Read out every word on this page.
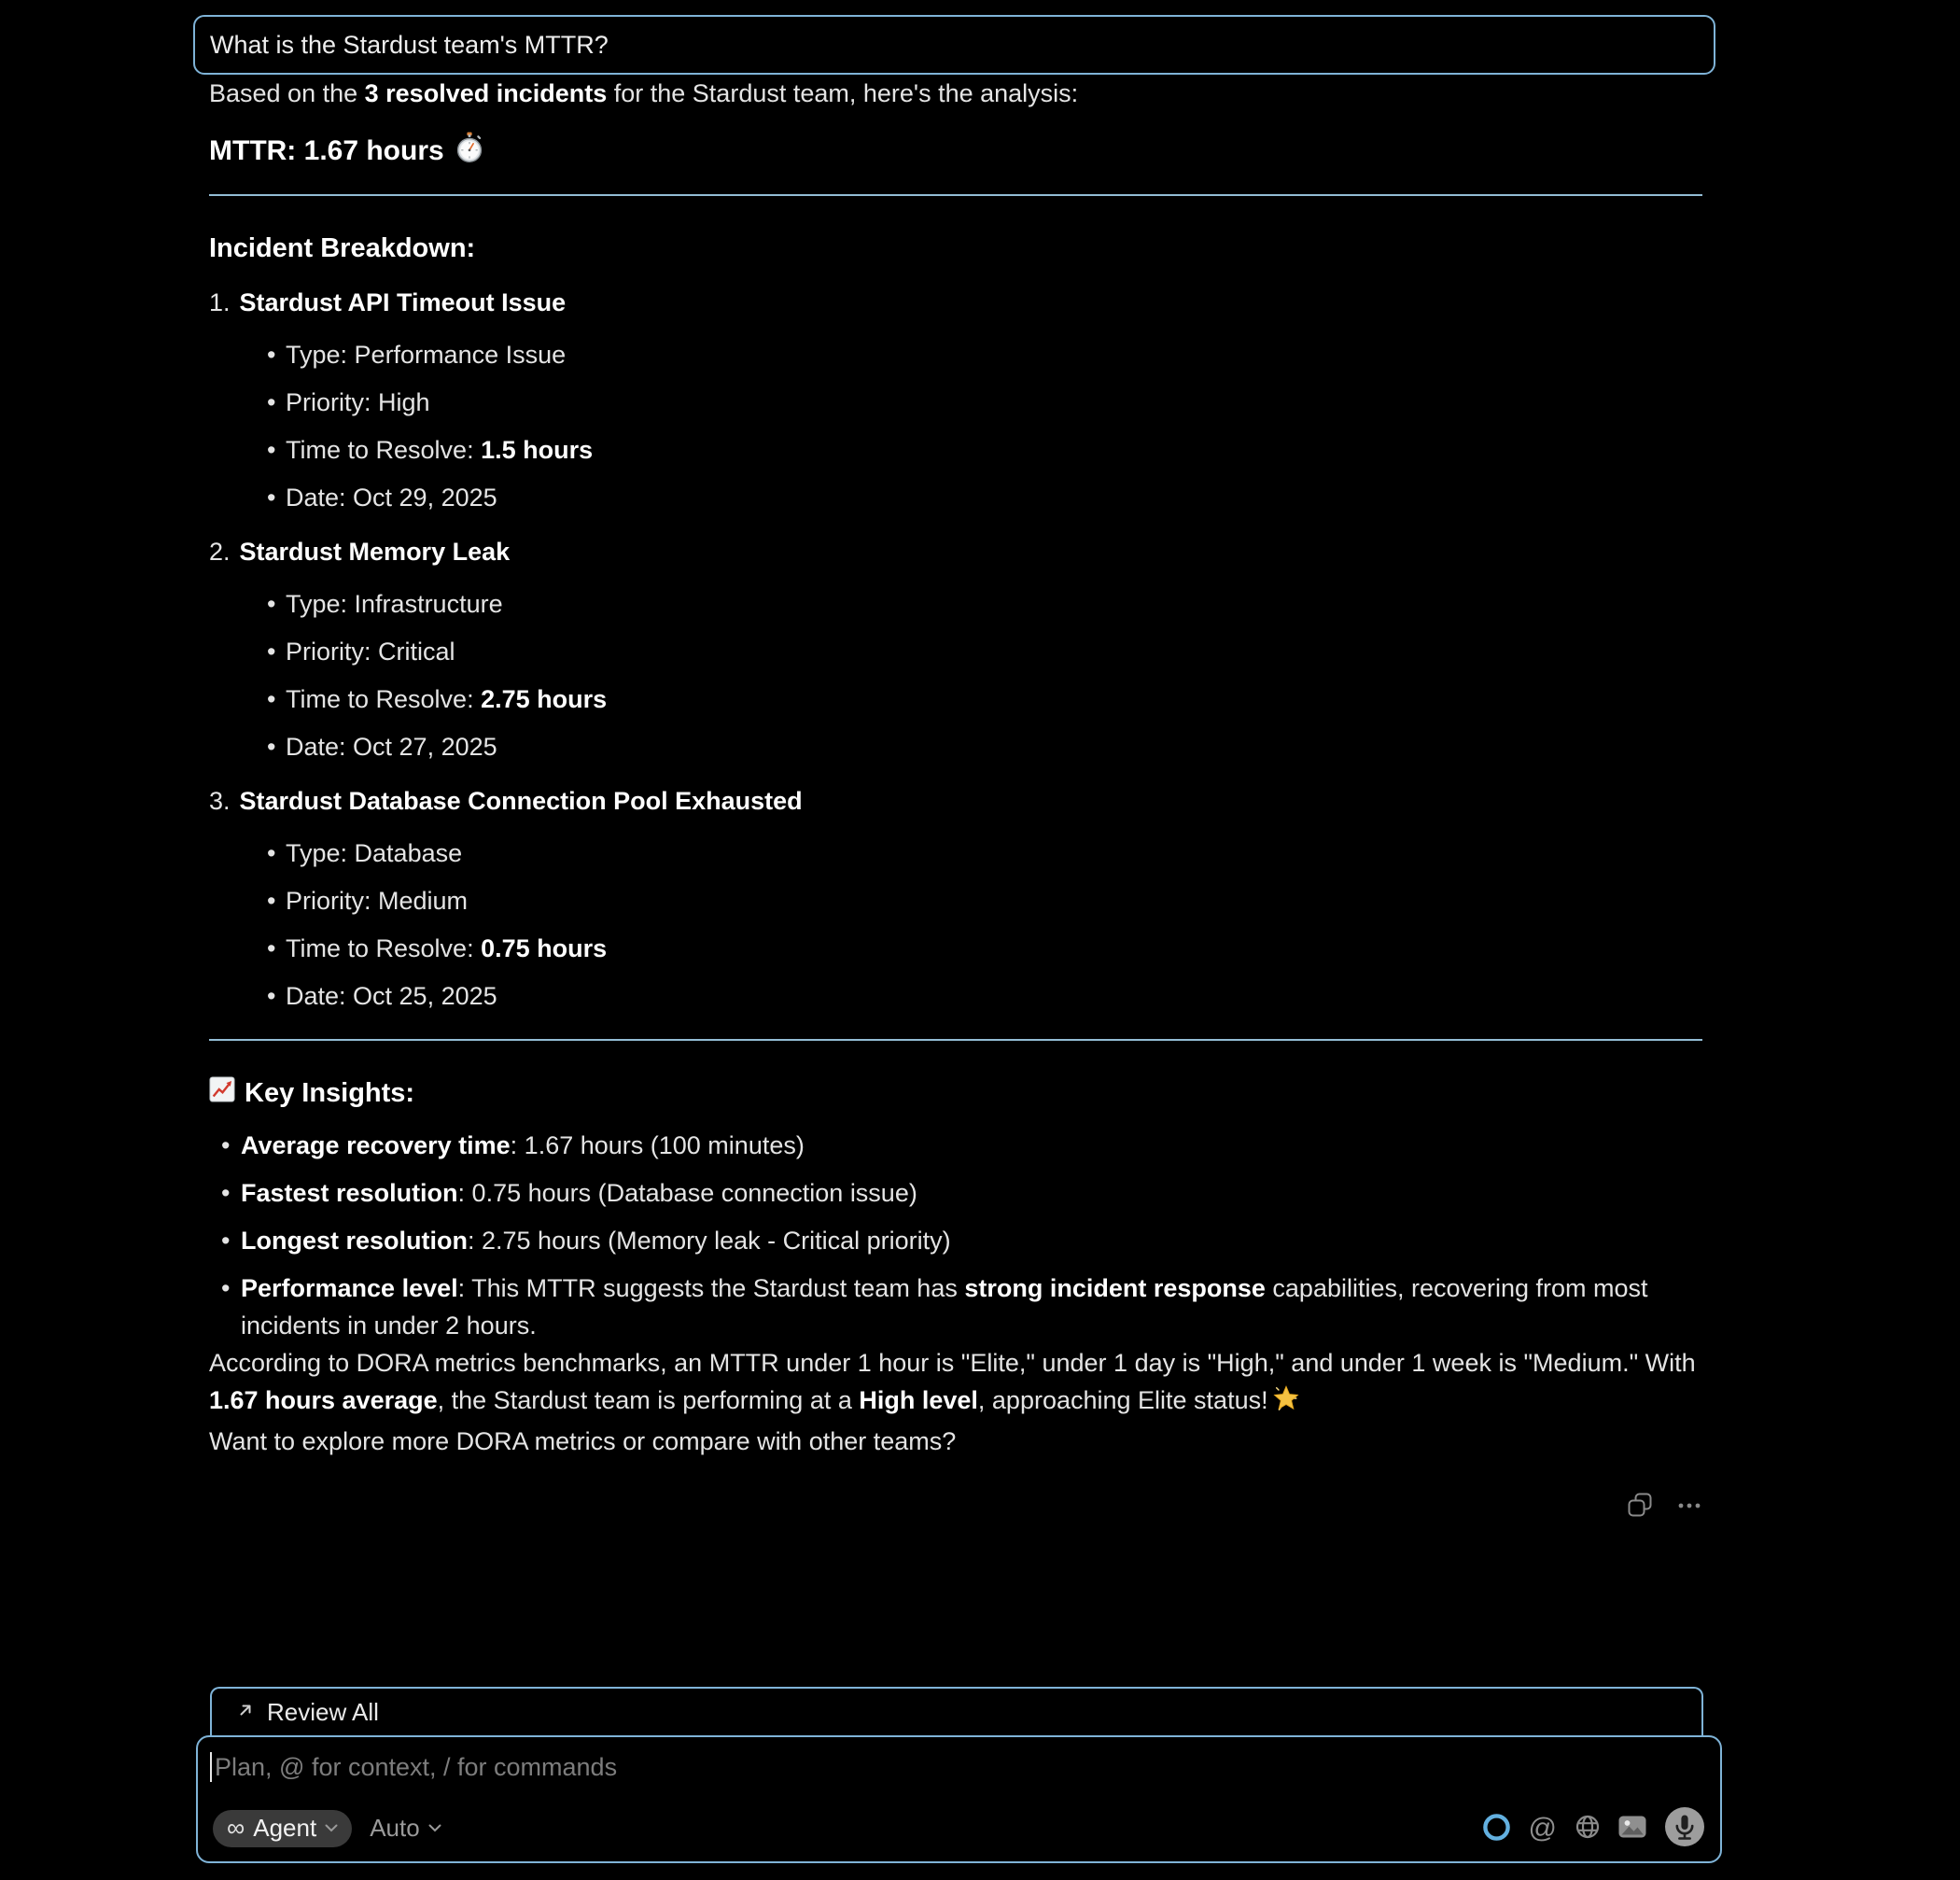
What is the Stardust team's MTTR?

Based on the 3 resolved incidents for the Stardust team, here's the analysis:

MTTR: 1.67 hours
Incident Breakdown:
1. Stardust API Timeout Issue
• Type: Performance Issue
• Priority: High
• Time to Resolve: 1.5 hours
• Date: Oct 29, 2025
2. Stardust Memory Leak
• Type: Infrastructure
• Priority: Critical
• Time to Resolve: 2.75 hours
• Date: Oct 27, 2025
3. Stardust Database Connection Pool Exhausted
• Type: Database
• Priority: Medium
• Time to Resolve: 0.75 hours
• Date: Oct 25, 2025
Key Insights:
• Average recovery time: 1.67 hours (100 minutes)
• Fastest resolution: 0.75 hours (Database connection issue)
• Longest resolution: 2.75 hours (Memory leak - Critical priority)
• Performance level: This MTTR suggests the Stardust team has strong incident response capabilities, recovering from most incidents in under 2 hours.

According to DORA metrics benchmarks, an MTTR under 1 hour is "Elite," under 1 day is "High," and under 1 week is "Medium." With 1.67 hours average, the Stardust team is performing at a High level, approaching Elite status!

Want to explore more DORA metrics or compare with other teams?

Review All
Plan, @ for context, / for commands
∞ Agent Auto	@
